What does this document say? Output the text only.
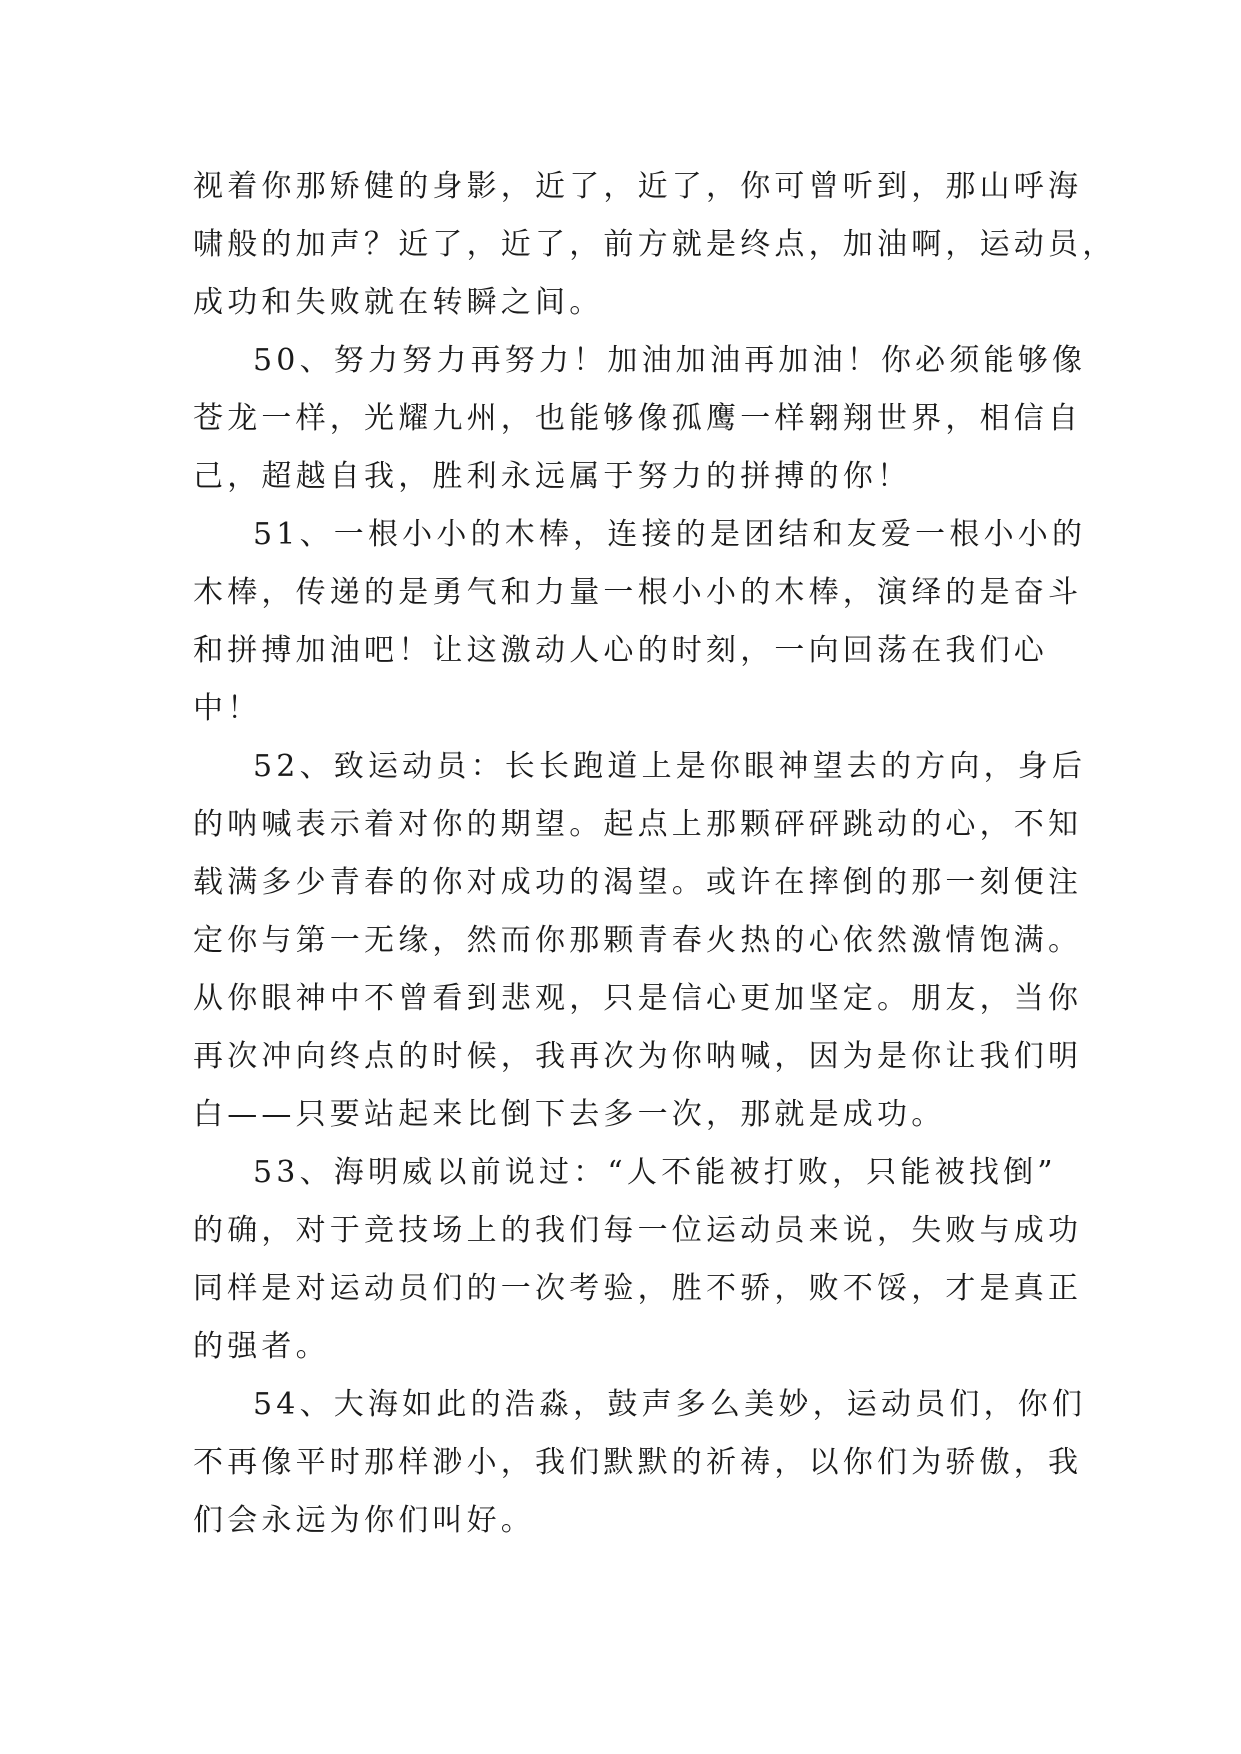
视着你那矫健的身影，近了，近了，你可曾听到，那山呼海
啸般的加声？近了，近了，前方就是终点，加油啊，运动员，
成功和失败就在转瞬之间。

50、努力努力再努力！加油加油再加油！你必须能够像
苍龙一样，光耀九州，也能够像孤鹰一样翱翔世界，相信自
己，超越自我，胜利永远属于努力的拼搏的你！

51、一根小小的木棒，连接的是团结和友爱一根小小的
木棒，传递的是勇气和力量一根小小的木棒，演绎的是奋斗
和拼搏加油吧！让这激动人心的时刻，一向回荡在我们心
中！

52、致运动员：长长跑道上是你眼神望去的方向，身后
的呐喊表示着对你的期望。起点上那颗砰砰跳动的心，不知
载满多少青春的你对成功的渴望。或许在摔倒的那一刻便注
定你与第一无缘，然而你那颗青春火热的心依然激情饱满。
从你眼神中不曾看到悲观，只是信心更加坚定。朋友，当你
再次冲向终点的时候，我再次为你呐喊，因为是你让我们明
白——只要站起来比倒下去多一次，那就是成功。

53、海明威以前说过：“人不能被打败，只能被找倒”
的确，对于竞技场上的我们每一位运动员来说，失败与成功
同样是对运动员们的一次考验，胜不骄，败不馁，才是真正
的强者。

54、大海如此的浩淼，鼓声多么美妙，运动员们，你们
不再像平时那样渺小，我们默默的祈祷，以你们为骄傲，我
们会永远为你们叫好。
